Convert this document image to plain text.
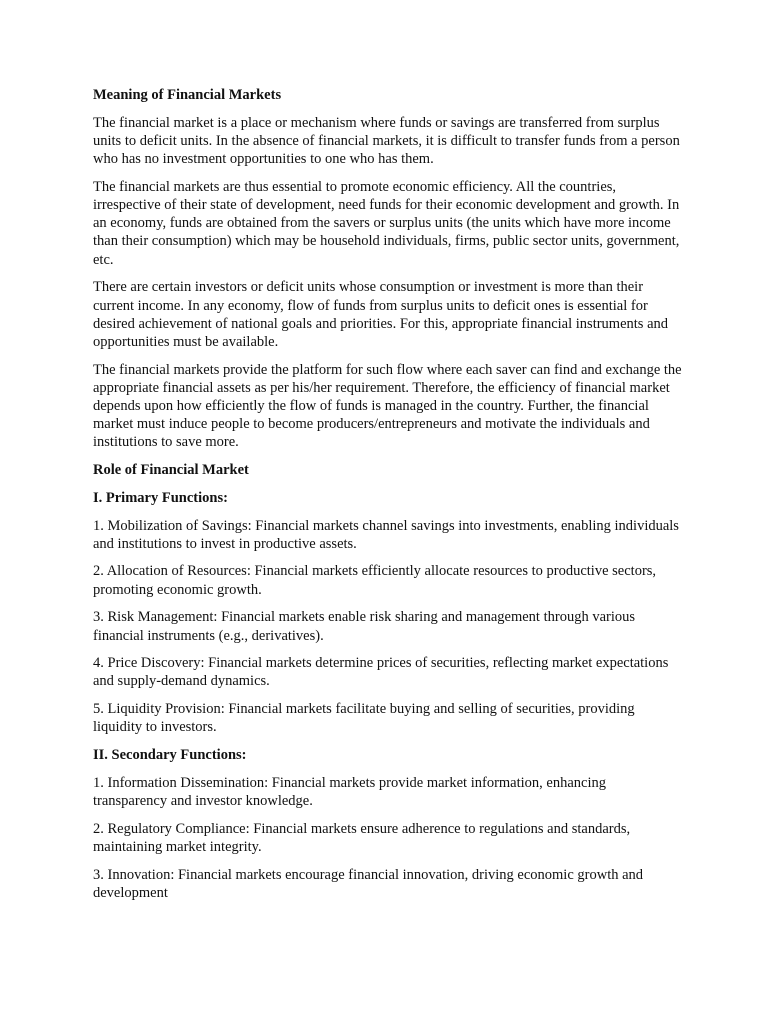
Meaning of Financial Markets

The financial market is a place or mechanism where funds or savings are transferred from surplus units to deficit units. In the absence of financial markets, it is difficult to transfer funds from a person who has no investment opportunities to one who has them.

The financial markets are thus essential to promote economic efficiency. All the countries, irrespective of their state of development, need funds for their economic development and growth. In an economy, funds are obtained from the savers or surplus units (the units which have more income than their consumption) which may be household individuals, firms, public sector units, government, etc.

There are certain investors or deficit units whose consumption or investment is more than their current income. In any economy, flow of funds from surplus units to deficit ones is essential for desired achievement of national goals and priorities. For this, appropriate financial instruments and opportunities must be available.

The financial markets provide the platform for such flow where each saver can find and exchange the appropriate financial assets as per his/her requirement. Therefore, the efficiency of financial market depends upon how efficiently the flow of funds is managed in the country. Further, the financial market must induce people to become producers/entrepreneurs and motivate the individuals and institutions to save more.

Role of Financial Market
I. Primary Functions:

1. Mobilization of Savings: Financial markets channel savings into investments, enabling individuals and institutions to invest in productive assets.

2. Allocation of Resources: Financial markets efficiently allocate resources to productive sectors, promoting economic growth.

3. Risk Management: Financial markets enable risk sharing and management through various financial instruments (e.g., derivatives).

4. Price Discovery: Financial markets determine prices of securities, reflecting market expectations and supply-demand dynamics.

5. Liquidity Provision: Financial markets facilitate buying and selling of securities, providing liquidity to investors.

II. Secondary Functions:

1. Information Dissemination: Financial markets provide market information, enhancing transparency and investor knowledge.

2. Regulatory Compliance: Financial markets ensure adherence to regulations and standards, maintaining market integrity.

3. Innovation: Financial markets encourage financial innovation, driving economic growth and development
